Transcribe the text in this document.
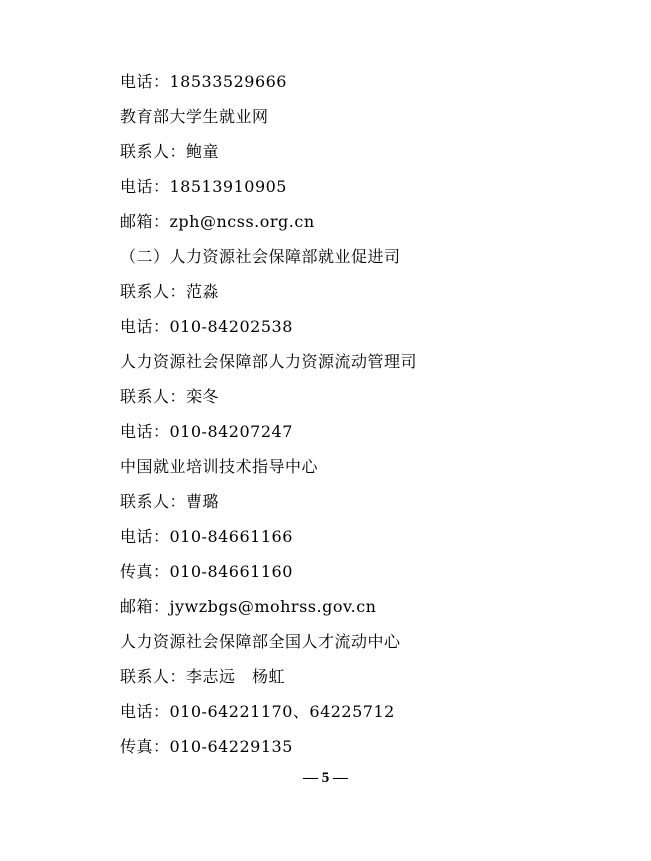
电话：18533529666
教育部大学生就业网
联系人：鲍童
电话：18513910905
邮箱：zph@ncss.org.cn
（二）人力资源社会保障部就业促进司
联系人：范淼
电话：010-84202538
人力资源社会保障部人力资源流动管理司
联系人：栾冬
电话：010-84207247
中国就业培训技术指导中心
联系人：曹璐
电话：010-84661166
传真：010-84661160
邮箱：jywzbgs@mohrss.gov.cn
人力资源社会保障部全国人才流动中心
联系人：李志远　杨虹
电话：010-64221170、64225712
传真：010-64229135
— 5 —
